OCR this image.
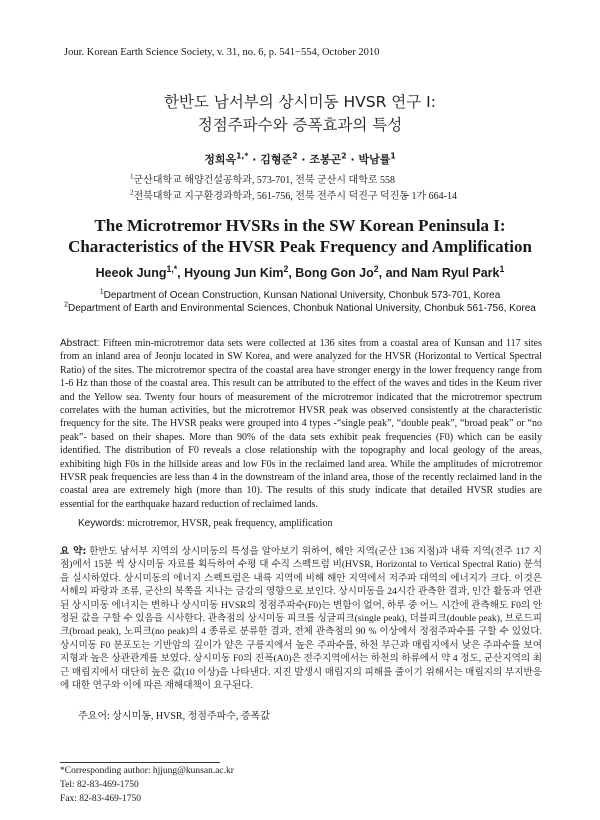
Jour. Korean Earth Science Society, v. 31, no. 6, p. 541−554, October 2010
한반도 남서부의 상시미동 HVSR 연구 I:
정점주파수와 증폭효과의 특성
정희옥$^{1,*}$ · 김형준$^2$ · 조봉곤$^2$ · 박남률$^1$
$^1$군산대학교 해양건설공학과, 573-701, 전북 군산시 대학로 558
$^2$전북대학교 지구환경과학과, 561-756, 전북 전주시 덕진구 덕진동 1가 664-14
The Microtremor HVSRs in the SW Korean Peninsula I:
Characteristics of the HVSR Peak Frequency and Amplification
Heeok Jung$^{1,*}$, Hyoung Jun Kim$^2$, Bong Gon Jo$^2$, and Nam Ryul Park$^1$
$^1$Department of Ocean Construction, Kunsan National University, Chonbuk 573-701, Korea
$^2$Department of Earth and Environmental Sciences, Chonbuk National University, Chonbuk 561-756, Korea

Abstract: Fifteen min-microtremor data sets were collected at 136 sites from a coastal area of Kunsan and 117 sites from an inland area of Jeonju located in SW Korea, and were analyzed for the HVSR (Horizontal to Vertical Spectral Ratio) of the sites. The microtremor spectra of the coastal area have stronger energy in the lower frequency range from 1-6 Hz than those of the coastal area. This result can be attributed to the effect of the waves and tides in the Keum river and the Yellow sea. Twenty four hours of measurement of the microtremor indicated that the microtremor spectrum correlates with the human activities, but the microtremor HVSR peak was observed consistently at the characteristic frequency for the site. The HVSR peaks were grouped into 4 types -“single peak”, “double peak”, “broad peak” or “no peak”- based on their shapes. More than 90% of the data sets exhibit peak frequencies (F0) which can be easily identified. The distribution of F0 reveals a close relationship with the topography and local geology of the areas, exhibiting high F0s in the hillside areas and low F0s in the reclaimed land area. While the amplitudes of microtremor HVSR peak frequencies are less than 4 in the downstream of the inland area, those of the recently reclaimed land in the coastal area are extremely high (more than 10). The results of this study indicate that detailed HVSR studies are essential for the earthquake hazard reduction of reclaimed lands.

Keywords: microtremor, HVSR, peak frequency, amplification

요 약: 한반도 남서부 지역의 상시미동의 특성을 알아보기 위하여, 해안 지역(군산 136 지점)과 내륙 지역(전주 117 지점)에서 15분 씩 상시미동 자료를 획득하여 수평 대 수직 스펙트럼 비(HVSR, Horizontal to Vertical Spectral Ratio) 분석을 실시하였다. 상시미동의 에너지 스펙트럼은 내륙 지역에 비해 해안 지역에서 저주파 대역의 에너지가 크다. 이것은 서해의 파랑과 조류, 군산의 북쪽을 지나는 금강의 영향으로 보인다. 상시미동을 24시간 관측한 결과, 인간 활동과 연관된 상시미동 에너지는 변하나 상시미동 HVSR의 정점주파수(F0)는 변함이 없어, 하루 중 어느 시간에 관측해도 F0의 안정된 값을 구할 수 있음을 시사한다. 관측점의 상시미동 피크를 싱글피크(single peak), 더블피크(double peak), 브로드피크(broad peak), 노피크(no peak)의 4 종류로 분류한 결과, 전체 관측점의 90 % 이상에서 정점주파수를 구할 수 있었다. 상시미동 F0 분포도는 기반암의 깊이가 얕은 구릉지에서 높은 주파수를, 하천 부근과 매립지에서 낮은 주파수를 보여 지형과 높은 상관관계를 보였다. 상시미동 F0의 진폭(A0)은 전주지역에서는 하천의 하류에서 약 4 정도, 군산지역의 최근 매립지에서 대단히 높은 값(10 이상)을 나타낸다. 지진 발생시 매립지의 피해를 줄이기 위해서는 매립지의 부지반응에 대한 연구와 이에 따른 재해대책이 요구된다.

주요어: 상시미동, HVSR, 정점주파수, 증폭값
*Corresponding author: hjjung@kunsan.ac.kr
Tel: 82-83-469-1750
Fax: 82-83-469-1750
